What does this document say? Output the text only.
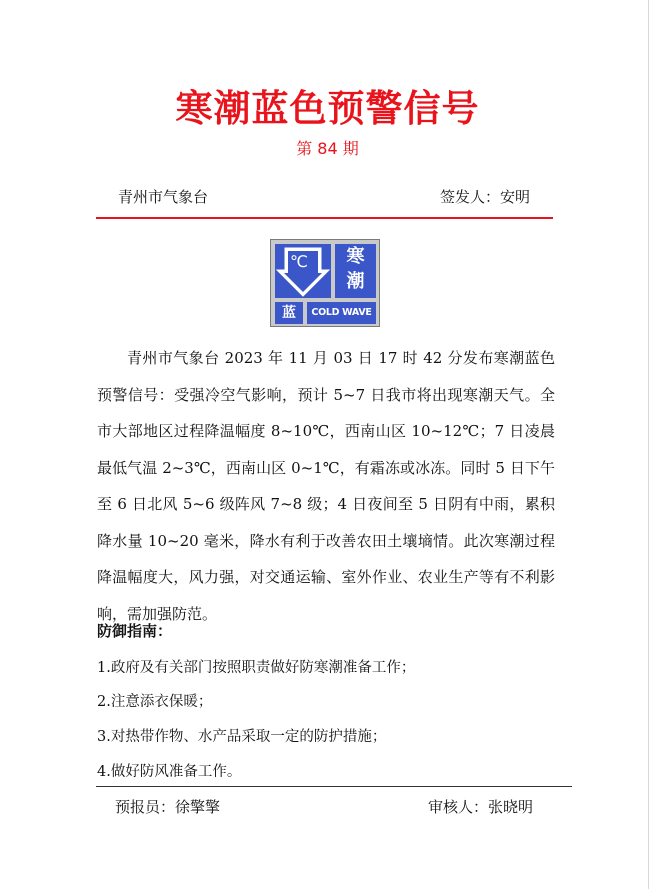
寒潮蓝色预警信号
第 84 期
青州市气象台	签发人：安明
℃	寒
潮
蓝	COLD WAVE
青州市气象台 2023 年 11 月 03 日 17 时 42 分发布寒潮蓝色预警信号：受强冷空气影响，预计 5~7 日我市将出现寒潮天气。全市大部地区过程降温幅度 8~10℃，西南山区 10~12℃；7 日凌晨最低气温 2~3℃，西南山区 0~1℃，有霜冻或冰冻。同时 5 日下午至 6 日北风 5~6 级阵风 7~8 级；4 日夜间至 5 日阴有中雨，累积降水量 10~20 毫米，降水有利于改善农田土壤墒情。此次寒潮过程降温幅度大，风力强，对交通运输、室外作业、农业生产等有不利影响，需加强防范。
防御指南：
1.政府及有关部门按照职责做好防寒潮准备工作；
2.注意添衣保暖；
3.对热带作物、水产品采取一定的防护措施；
4.做好防风准备工作。
预报员：徐擎擎	审核人：张晓明
